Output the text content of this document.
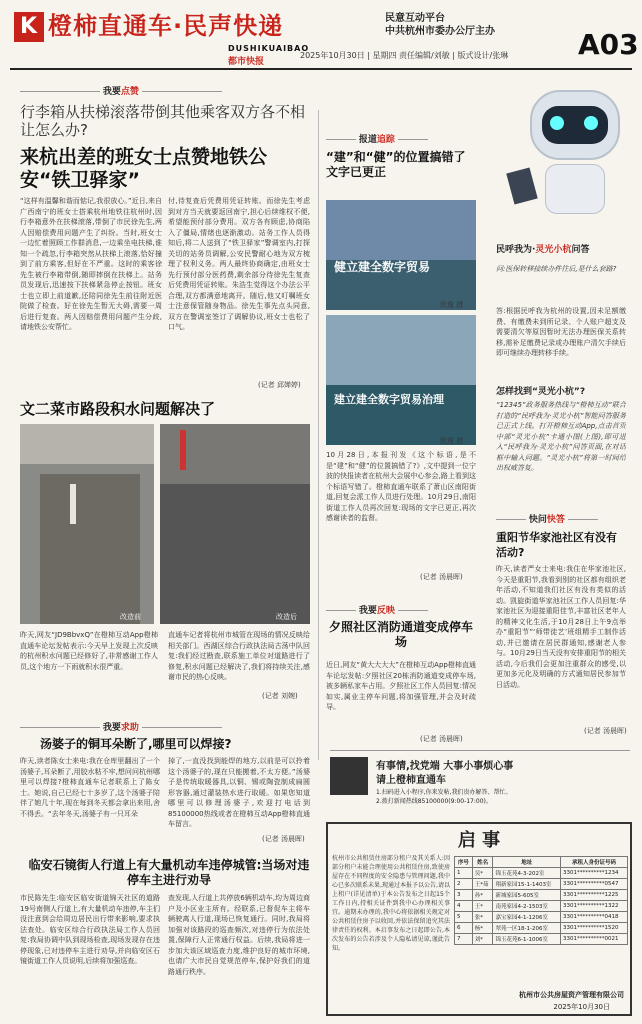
K 橙柿直通车·民声快递	民意互动平台
中共杭州市委办公厅主办
DUSHIKUAIBAO
都市快报
2025年10月30日 | 星期四 责任编辑/刘敏 | 版式设计/张琳 A03
我要点赞
行李箱从扶梯滚落带倒其他乘客双方各不相让怎么办?
来杭出差的班女士点赞地铁公安“铁卫驿家”
“这样有温馨和谐而惦记,我很放心。”近日,来自广西南宁的班女士搭乘杭州地铁往杭州时,因行李箱意外在扶梯滚落,带倒了市民徐先生,两人因赔偿费用问题产生了纠纷。当时,班女士一边忙着照顾工作群消息,一边乘坐电扶梯,谁知一个疏忽,行李箱突然从扶梯上滚落,恰好撞到了前方乘客,但好在不严重。这时的乘客徐先生被行李箱带倒,随即摔倒在扶梯上。站务员发现后,迅速按下扶梯紧急停止按钮。班女士也立即上前道歉,还陪同徐先生前往附近医院做了检查。好在徐先生暂无大碍,需要一周后进行复查。两人因赔偿费用问题产生分歧,请地铁公安帮忙。
付,待复查后凭费用凭证转账。而徐先生考虑到对方当天就要返回南宁,担心后续维权不便,希望能预付部分费用。双方各有顾虑,协商陷入了僵局,情绪也逐渐激动。站务工作人员得知后,将二人送到了“铁卫驿家”警调室内,打探关切的站务员调解,公安民警耐心地为双方梳理了权利义务。两人最终协商确定,由班女士先行预付部分医药费,剩余部分待徐先生复查后凭费用凭证转账。朱浩生觉得这个办法公平合理,双方都满意地离开。随后,他又叮嘱班女士注意保管随身物品。徐先生事先点头同意,双方在警调室签订了调解协议,班女士也松了口气。
(记者 邱婵婷)
文二菜市路段积水问题解决了
改造前	改造后
昨天,网友“JD9BbvxQ”在橙柿互动App橙柿直通车论坛发帖表示:今天早上发现上次反映的杭州积水问题已经修好了,非常感谢工作人员,这个地方一下雨就积水很严重。
直通车记者将杭州市城管在现场的情况反映给相关部门。西湖区综合行政执法局古荡中队回复:我们经过勘查,联系施工单位对道路进行了修复,积水问题已经解决了,我们将持续关注,感谢市民的热心反映。
(记者 刘婉)
我要求助
汤婆子的铜耳朵断了,哪里可以焊接?
昨天,读者陈女士来电:我在仓库里翻出了一个汤婆子,耳朵断了,用胶水粘不牢,想问问杭州哪里可以焊接?橙柿直通车记者联系上了陈女士。她说,自己已经七十多岁了,这个汤婆子陪伴了她几十年,现在每到冬天都会拿出来用,舍不得丢。“去年冬天,汤婆子有一只耳朵
掉了,一直没找到能焊的地方,以前是可以拎着这个汤婆子的,现在只能搬着,不太方便。”汤婆子是传统取暖器具,以铜、锡或陶瓷制成扁圆形容器,通过灌装热水进行取暖。如果您知道哪里可以修理汤婆子,欢迎打电话到85100000热线或者在橙柿互动App橙柿直通车留言。
(记者 汤晨晖)
临安石镜街人行道上有大量机动车违停城管:当场对违停车主进行劝导
市民陈先生:临安区临安街道锦天社区的道路19号南侧人行道上,有大量机动车违停,车主们没注意到会给周边居民出行带来影响,要求执法查处。临安区综合行政执法局工作人员回复:我局协调中队到现场检查,现场发现存在违停现象,已对违停车主进行劝导,并向临安区石镜街道工作人员说明,后续将加强巡查。
查发现,人行道上共停放6辆机动车,均为周边商户及小区业主所有。经联系,已督促车主将车辆驶离人行道,现场已恢复通行。同时,我局将加强对该路段的巡查频次,对违停行为依法处置,保障行人正常通行权益。后续,我局将进一步加大该区域巡查力度,维护良好的城市环境,也请广大市民自觉规范停车,保护好我们的道路通行秩序。
报道追踪
“建”和“健”的位置搞错了文字已更正
健立建全数字贸易
欣逸 摄
建立建全数字贸易治理
欣逸 摄
10月28日,本报刊发《这个标语,是不是“建”和“健”的位置搞错了?》,文中提到一位宁波的快报读者在杭州大会展中心参会,路上看到这个标语写错了。橙柿直通车联系了萧山区南阳街道,回复会派工作人员进行处理。10月29日,南阳街道工作人员再次回复:现场的文字已更正,再次感谢读者的监督。
(记者 汤晨晖)
我要反映
夕照社区消防通道变成停车场
近日,网友“黄大大大大”在橙柿互动App橙柿直通车论坛发帖:夕照社区20栋消防通道变成停车场,被多辆私家车占用。夕照社区工作人员回复:情况如实,属业主停车问题,将加强管理,并会及时疏导。
(记者 汤晨晖)
民呼我为·灵光小杭问答
问:医保转移接续办件往后,是什么套路?
答:根据民呼我为杭州的设置,因未足额缴费、有缴费未到所记录、个人账户超支及需要清欠等原因暂时无法办理医保关系转移,需补足缴费记录或办理账户清欠手续后即可继续办理转移手续。
怎样找到“灵光小杭”?
“12345”政务服务热线与“橙柿互动”联合打造的“民呼我为·灵光小杭”智能问答服务已正式上线。打开橙柿互动App,点击首页中部“灵光小杭”卡通小图(上图),即可进入“民呼我为·灵光小杭”问答页面,在对话框中输入问题。“灵光小杭”将第一时间给出权威答复。
快问快答
重阳节华家池社区有没有活动?
昨天,读者严女士来电:我住在华家池社区,今天是重阳节,我看到别的社区都有组织老年活动,不知道我们社区有没有类似的活动。凯旋街道华家池社区工作人员回复:华家池社区为迎接重阳佳节,丰富社区老年人的精神文化生活,于10月28日上午9点举办“重阳节”‘师带徒艺’班组精手工制作活动,并已邀请在居民群通知,感谢老人参与。10月29日当天没有安排重阳节的相关活动,今后我们会更加注重群众的感受,以更加多元化及明确的方式通知居民参加节日活动。
(记者 汤晨晖)
有事情,找党端 大事小事烦心事
请上橙柿直通车
1.扫码进入小程序,你来发帖,我们贵办解答、帮忙。
2.拨打新闻热线85100000(9:00-17:00)。
启 事
杭州市公共租赁住房部分租户及其关系人:因部分租户未能合理使用公共租赁住房,致使房屋存在不同程度的安全隐患与管理问题,我中心已多次联系未果,现通过本报予以公告,请以上租户(详见清单)于本公告发布之日起15个工作日内,持相关证件到我中心办理相关事宜。逾期未办理的,我中心将依据相关规定对公共租赁住房予以收回,并依法保留追究其法律责任的权利。本启事发布之日起即公告,本次发布的公告若涉及个人隐私请见谅,谨此告知。
序号	姓名	地址	承租人身份证号码
1	吴*	锦玉花苑4-3-202室	3301**********1234
2	王*茹	翔新家园15-1-1403室	3301**********0547
3	孙*	新城家园5-605室	3301**********1225
4	王*	南苑家园4-2-1503室	3301**********1322
5	张*	嘉宝家园4-1-1206室	3301**********0418
6	杨*	翠苑一区18-1-206室	3301**********1520
7	刘*	锦玉花苑6-1-1006室	3301**********0021
杭州市公共房屋资产管理有限公司
2025年10月30日
